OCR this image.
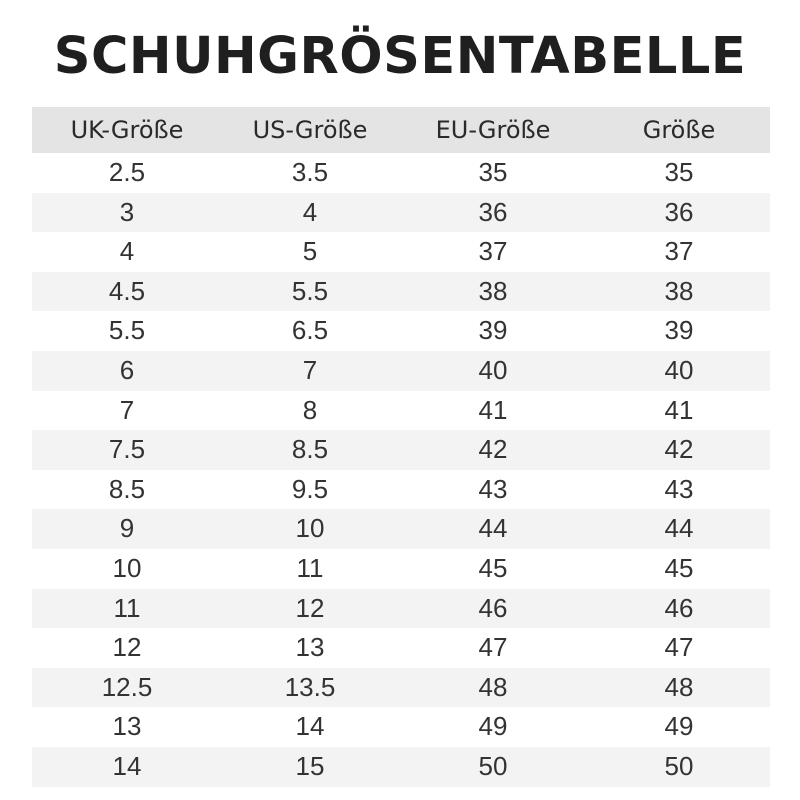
SCHUHGRÖSENTABELLE
UK-Größe	US-Größe	EU-Größe	Größe
2.5	3.5	35	35
3	4	36	36
4	5	37	37
4.5	5.5	38	38
5.5	6.5	39	39
6	7	40	40
7	8	41	41
7.5	8.5	42	42
8.5	9.5	43	43
9	10	44	44
10	11	45	45
11	12	46	46
12	13	47	47
12.5	13.5	48	48
13	14	49	49
14	15	50	50
